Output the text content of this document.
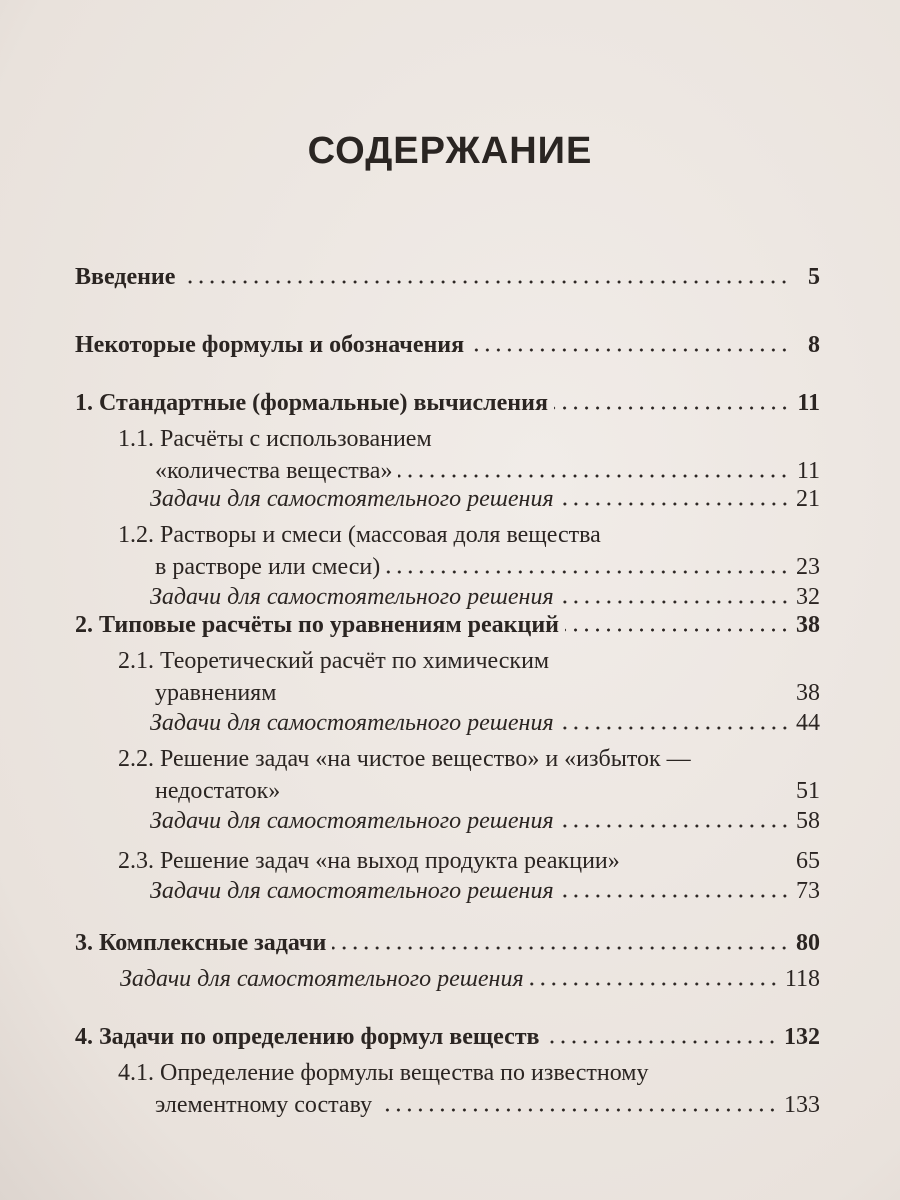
СОДЕРЖАНИЕ
Введение	5
Некоторые формулы и обозначения	8
1. Стандартные (формальные) вычисления	11
1.1. Расчёты с использованием
«количества вещества»	11
Задачи для самостоятельного решения	21
1.2. Растворы и смеси (массовая доля вещества
в растворе или смеси)	23
Задачи для самостоятельного решения	32
2. Типовые расчёты по уравнениям реакций	38
2.1. Теоретический расчёт по химическим
уравнениям	38
Задачи для самостоятельного решения	44
2.2. Решение задач «на чистое вещество» и «избыток —
недостаток»	51
Задачи для самостоятельного решения	58
2.3. Решение задач «на выход продукта реакции»	65
Задачи для самостоятельного решения	73
3. Комплексные задачи	80
Задачи для самостоятельного решения	118
4. Задачи по определению формул веществ	132
4.1. Определение формулы вещества по известному
элементному составу	133
